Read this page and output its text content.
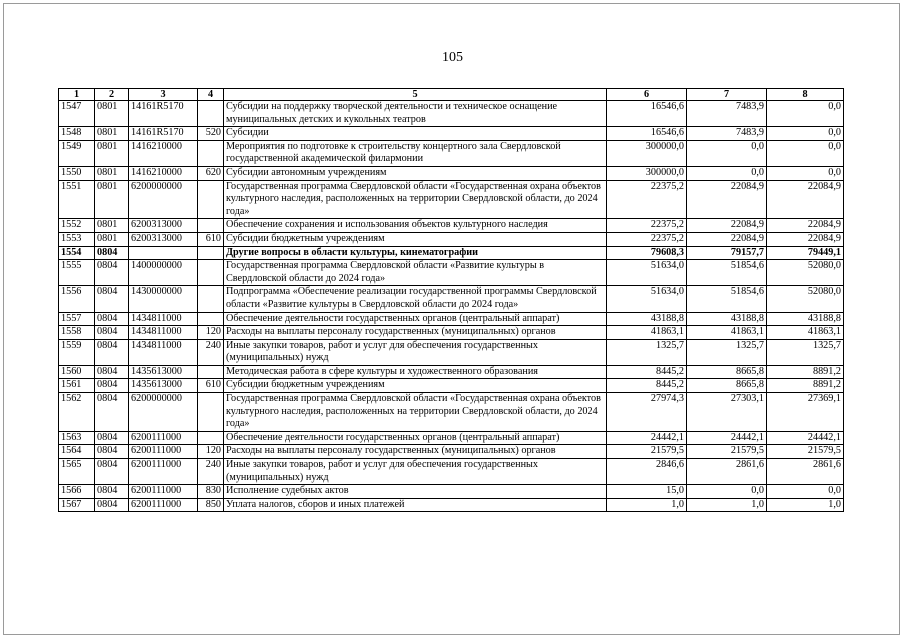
105
1	2	3	4	5	6	7	8
1547	0801	14161R5170		Субсидии на поддержку творческой деятельности и техническое оснащение муниципальных детских и кукольных театров	16546,6	7483,9	0,0
1548	0801	14161R5170	520	Субсидии	16546,6	7483,9	0,0
1549	0801	1416210000		Мероприятия по подготовке к строительству концертного зала Свердловской государственной академической филармонии	300000,0	0,0	0,0
1550	0801	1416210000	620	Субсидии автономным учреждениям	300000,0	0,0	0,0
1551	0801	6200000000		Государственная программа Свердловской области «Государственная охрана объектов культурного наследия, расположенных на территории Свердловской области, до 2024 года»	22375,2	22084,9	22084,9
1552	0801	6200313000		Обеспечение сохранения и использования объектов культурного наследия	22375,2	22084,9	22084,9
1553	0801	6200313000	610	Субсидии бюджетным учреждениям	22375,2	22084,9	22084,9
1554	0804			Другие вопросы в области культуры, кинематографии	79608,3	79157,7	79449,1
1555	0804	1400000000		Государственная программа Свердловской области «Развитие культуры в Свердловской области до 2024 года»	51634,0	51854,6	52080,0
1556	0804	1430000000		Подпрограмма «Обеспечение реализации государственной программы Свердловской области «Развитие культуры в Свердловской области до 2024 года»	51634,0	51854,6	52080,0
1557	0804	1434811000		Обеспечение деятельности государственных органов (центральный аппарат)	43188,8	43188,8	43188,8
1558	0804	1434811000	120	Расходы на выплаты персоналу государственных (муниципальных) органов	41863,1	41863,1	41863,1
1559	0804	1434811000	240	Иные закупки товаров, работ и услуг для обеспечения государственных (муниципальных) нужд	1325,7	1325,7	1325,7
1560	0804	1435613000		Методическая работа в сфере культуры и художественного образования	8445,2	8665,8	8891,2
1561	0804	1435613000	610	Субсидии бюджетным учреждениям	8445,2	8665,8	8891,2
1562	0804	6200000000		Государственная программа Свердловской области «Государственная охрана объектов культурного наследия, расположенных на территории Свердловской области, до 2024 года»	27974,3	27303,1	27369,1
1563	0804	6200111000		Обеспечение деятельности государственных органов (центральный аппарат)	24442,1	24442,1	24442,1
1564	0804	6200111000	120	Расходы на выплаты персоналу государственных (муниципальных) органов	21579,5	21579,5	21579,5
1565	0804	6200111000	240	Иные закупки товаров, работ и услуг для обеспечения государственных (муниципальных) нужд	2846,6	2861,6	2861,6
1566	0804	6200111000	830	Исполнение судебных актов	15,0	0,0	0,0
1567	0804	6200111000	850	Уплата налогов, сборов и иных платежей	1,0	1,0	1,0
